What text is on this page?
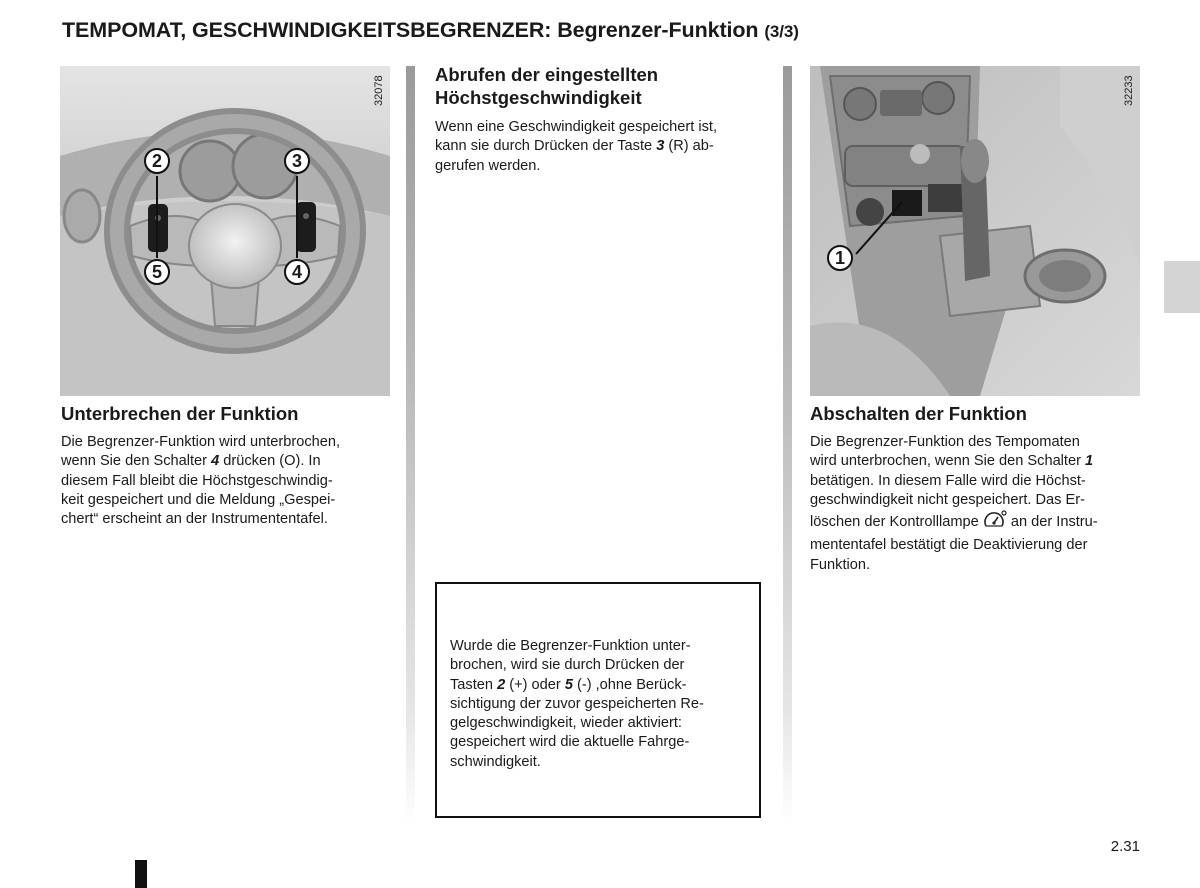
TEMPOMAT, GESCHWINDIGKEITSBEGRENZER: Begrenzer-Funktion (3/3)
32078
2	3
5	4
Unterbrechen der Funktion
Die Begrenzer-Funktion wird unterbrochen,
wenn Sie den Schalter 4 drücken (O). In
diesem Fall bleibt die Höchstgeschwindig-
keit gespeichert und die Meldung „Gespei-
chert“ erscheint an der Instrumententafel.
Abrufen der eingestellten
Höchstgeschwindigkeit
Wenn eine Geschwindigkeit gespeichert ist,
kann sie durch Drücken der Taste 3 (R) ab-
gerufen werden.
Wurde die Begrenzer-Funktion unter-
brochen, wird sie durch Drücken der
Tasten 2 (+) oder 5 (-) ,ohne Berück-
sichtigung der zuvor gespeicherten Re-
gelgeschwindigkeit, wieder aktiviert:
gespeichert wird die aktuelle Fahrge-
schwindigkeit.
32233
1
Abschalten der Funktion
Die Begrenzer-Funktion des Tempomaten
wird unterbrochen, wenn Sie den Schalter 1
betätigen. In diesem Falle wird die Höchst-
geschwindigkeit nicht gespeichert. Das Er-
löschen der Kontrolllampe  an der Instru-
mententafel bestätigt die Deaktivierung der
Funktion.
2.31
